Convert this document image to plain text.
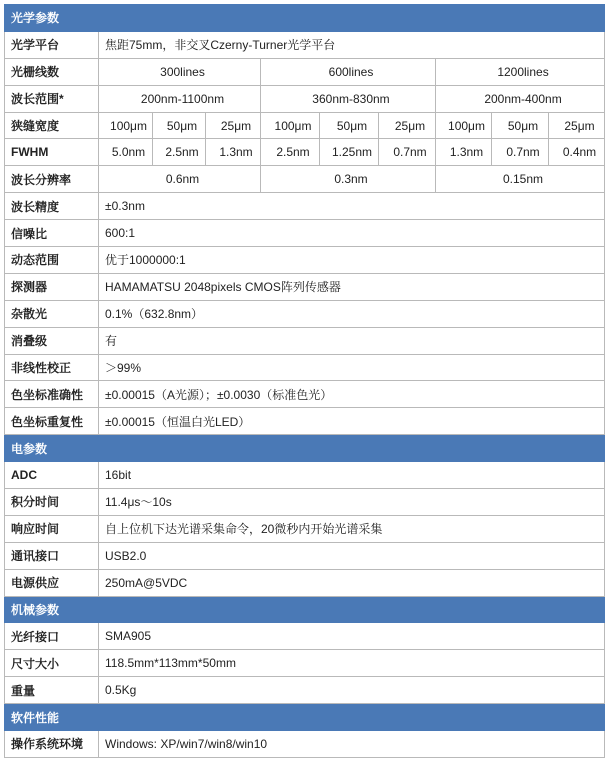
光学参数									
光学平台	焦距75mm，非交叉Czerny-Turner光学平台								
光栅线数	300lines			600lines			1200lines		
波长范围*	200nm-1100nm			360nm-830nm			200nm-400nm		
狭缝宽度	100μm	50μm	25μm	100μm	50μm	25μm	100μm	50μm	25μm
FWHM	5.0nm	2.5nm	1.3nm	2.5nm	1.25nm	0.7nm	1.3nm	0.7nm	0.4nm
波长分辨率	0.6nm			0.3nm			0.15nm		
波长精度	±0.3nm								
信噪比	600:1								
动态范围	优于1000000:1								
探测器	HAMAMATSU 2048pixels CMOS阵列传感器								
杂散光	0.1%（632.8nm）								
消叠级	有								
非线性校正	＞99%								
色坐标准确性	±0.00015（A光源）；±0.0030（标准色光）								
色坐标重复性	±0.00015（恒温白光LED）								
电参数									
ADC	16bit								
积分时间	11.4μs～10s								
响应时间	自上位机下达光谱采集命令，20微秒内开始光谱采集								
通讯接口	USB2.0								
电源供应	250mA@5VDC								
机械参数									
光纤接口	SMA905								
尺寸大小	118.5mm*113mm*50mm								
重量	0.5Kg								
软件性能									
操作系统环境	Windows: XP/win7/win8/win10								
